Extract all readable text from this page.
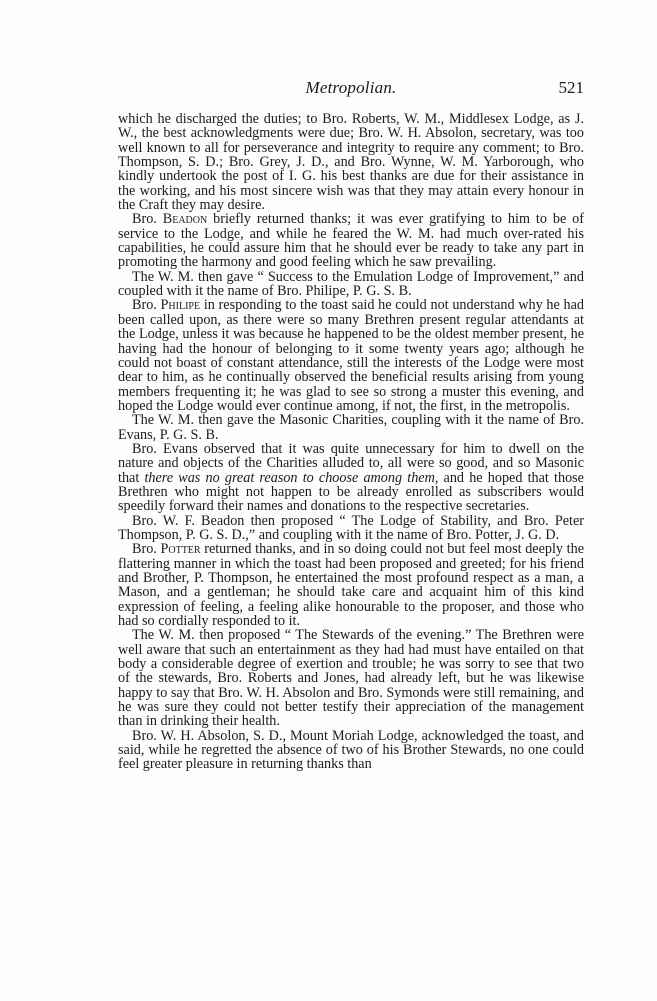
Metropolian.	521

which he discharged the duties; to Bro. Roberts, W. M., Middlesex Lodge, as J. W., the best acknowledgments were due; Bro. W. H. Absolon, secretary, was too well known to all for perseverance and integrity to require any comment; to Bro. Thompson, S. D.; Bro. Grey, J. D., and Bro. Wynne, W. M. Yarborough, who kindly undertook the post of I. G. his best thanks are due for their assistance in the working, and his most sincere wish was that they may attain every honour in the Craft they may desire.

Bro. Beadon briefly returned thanks; it was ever gratifying to him to be of service to the Lodge, and while he feared the W. M. had much over-rated his capabilities, he could assure him that he should ever be ready to take any part in promoting the harmony and good feeling which he saw prevailing.

The W. M. then gave “ Success to the Emulation Lodge of Improvement,” and coupled with it the name of Bro. Philipe, P. G. S. B.

Bro. Philipe in responding to the toast said he could not understand why he had been called upon, as there were so many Brethren present regular attendants at the Lodge, unless it was because he happened to be the oldest member present, he having had the honour of belonging to it some twenty years ago; although he could not boast of constant attendance, still the interests of the Lodge were most dear to him, as he continually observed the beneficial results arising from young members frequenting it; he was glad to see so strong a muster this evening, and hoped the Lodge would ever continue among, if not, the first, in the metropolis.

The W. M. then gave the Masonic Charities, coupling with it the name of Bro. Evans, P. G. S. B.

Bro. Evans observed that it was quite unnecessary for him to dwell on the nature and objects of the Charities alluded to, all were so good, and so Masonic that there was no great reason to choose among them, and he hoped that those Brethren who might not happen to be already enrolled as subscribers would speedily forward their names and donations to the respective secretaries.

Bro. W. F. Beadon then proposed “ The Lodge of Stability, and Bro. Peter Thompson, P. G. S. D.,” and coupling with it the name of Bro. Potter, J. G. D.

Bro. Potter returned thanks, and in so doing could not but feel most deeply the flattering manner in which the toast had been proposed and greeted; for his friend and Brother, P. Thompson, he entertained the most profound respect as a man, a Mason, and a gentleman; he should take care and acquaint him of this kind expression of feeling, a feeling alike honourable to the proposer, and those who had so cordially responded to it.

The W. M. then proposed “ The Stewards of the evening.” The Brethren were well aware that such an entertainment as they had had must have entailed on that body a considerable degree of exertion and trouble; he was sorry to see that two of the stewards, Bro. Roberts and Jones, had already left, but he was likewise happy to say that Bro. W. H. Absolon and Bro. Symonds were still remaining, and he was sure they could not better testify their appreciation of the management than in drinking their health.

Bro. W. H. Absolon, S. D., Mount Moriah Lodge, acknowledged the toast, and said, while he regretted the absence of two of his Brother Stewards, no one could feel greater pleasure in returning thanks than
